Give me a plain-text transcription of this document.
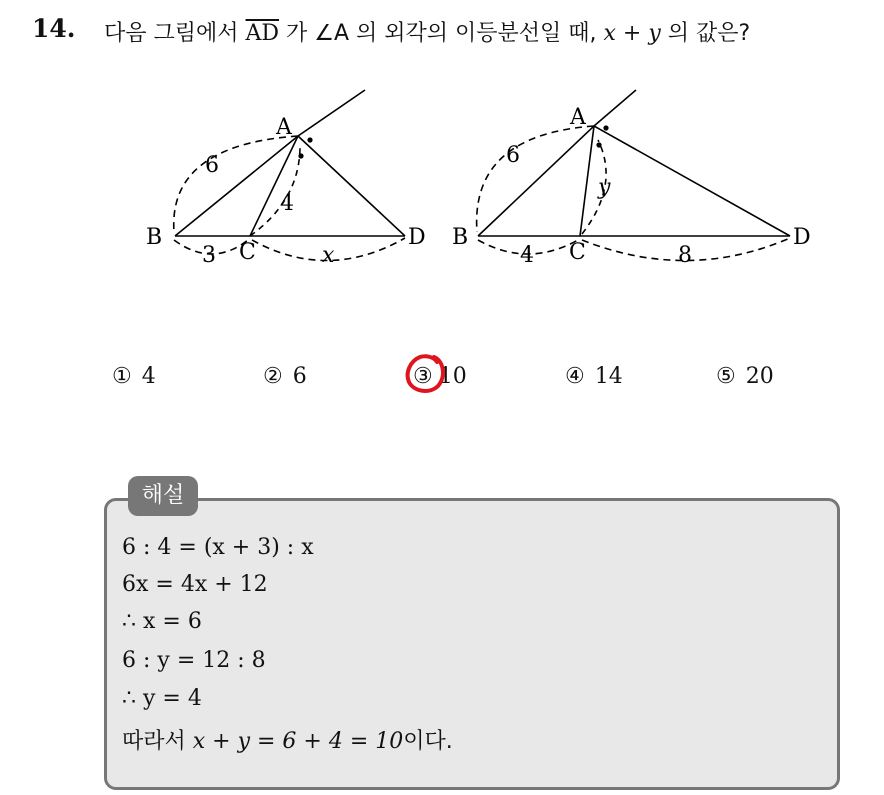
14. 다음 그림에서 $\overline{AD}$ 가 ∠A 의 외각의 이등분선일 때, x + y 의 값은?
A
B
C
D
6
4
3	x
A
B
C
D
6
y
4	8
① 4	② 6	③ 10	④ 14	⑤ 20
해설
6 : 4 = (x + 3) : x
6x = 4x + 12
∴ x = 6
6 : y = 12 : 8
∴ y = 4
따라서 x + y = 6 + 4 = 10이다.
